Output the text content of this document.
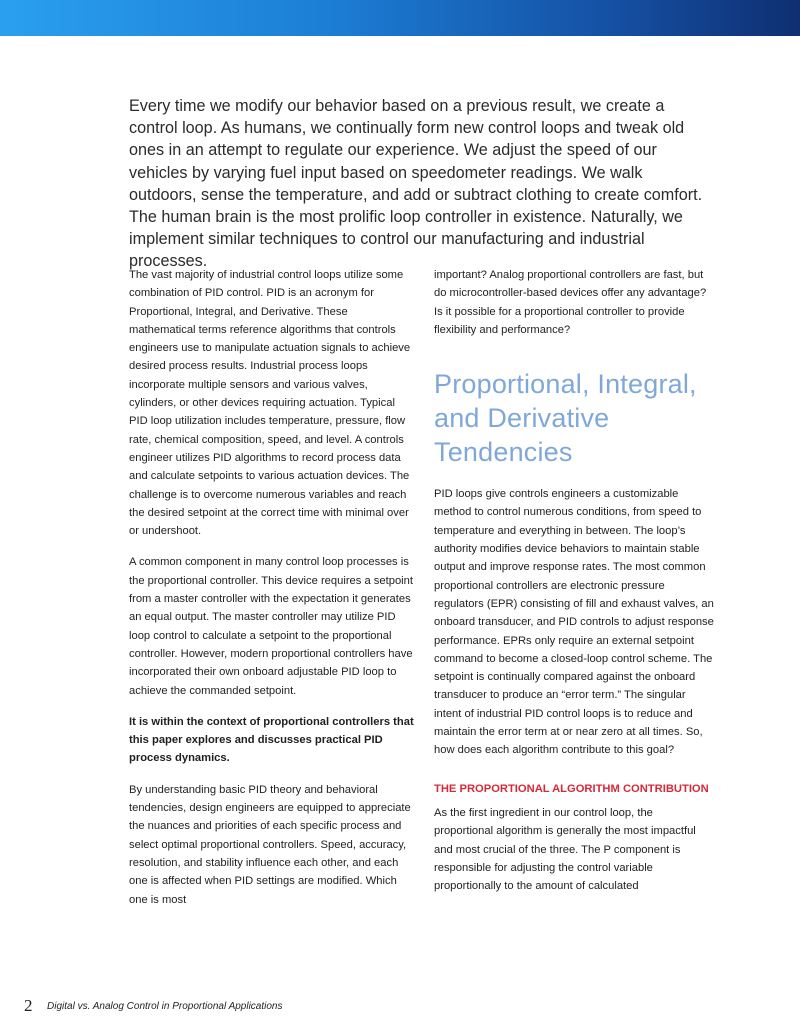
Every time we modify our behavior based on a previous result, we create a control loop. As humans, we continually form new control loops and tweak old ones in an attempt to regulate our experience. We adjust the speed of our vehicles by varying fuel input based on speedometer readings. We walk outdoors, sense the temperature, and add or subtract clothing to create comfort. The human brain is the most prolific loop controller in existence. Naturally, we implement similar techniques to control our manufacturing and industrial processes.

The vast majority of industrial control loops utilize some combination of PID control. PID is an acronym for Proportional, Integral, and Derivative. These mathematical terms reference algorithms that controls engineers use to manipulate actuation signals to achieve desired process results. Industrial process loops incorporate multiple sensors and various valves, cylinders, or other devices requiring actuation. Typical PID loop utilization includes temperature, pressure, flow rate, chemical composition, speed, and level. A controls engineer utilizes PID algorithms to record process data and calculate setpoints to various actuation devices. The challenge is to overcome numerous variables and reach the desired setpoint at the correct time with minimal over or undershoot.

A common component in many control loop processes is the proportional controller. This device requires a setpoint from a master controller with the expectation it generates an equal output. The master controller may utilize PID loop control to calculate a setpoint to the proportional controller. However, modern proportional controllers have incorporated their own onboard adjustable PID loop to achieve the commanded setpoint.

It is within the context of proportional controllers that this paper explores and discusses practical PID process dynamics.

By understanding basic PID theory and behavioral tendencies, design engineers are equipped to appreciate the nuances and priorities of each specific process and select optimal proportional controllers. Speed, accuracy, resolution, and stability influence each other, and each one is affected when PID settings are modified. Which one is most

important? Analog proportional controllers are fast, but do microcontroller-based devices offer any advantage? Is it possible for a proportional controller to provide flexibility and performance?

Proportional, Integral, and Derivative Tendencies

PID loops give controls engineers a customizable method to control numerous conditions, from speed to temperature and everything in between. The loop’s authority modifies device behaviors to maintain stable output and improve response rates. The most common proportional controllers are electronic pressure regulators (EPR) consisting of fill and exhaust valves, an onboard transducer, and PID controls to adjust response performance. EPRs only require an external setpoint command to become a closed-loop control scheme. The setpoint is continually compared against the onboard transducer to produce an “error term.” The singular intent of industrial PID control loops is to reduce and maintain the error term at or near zero at all times. So, how does each algorithm contribute to this goal?

THE PROPORTIONAL ALGORITHM CONTRIBUTION

As the first ingredient in our control loop, the proportional algorithm is generally the most impactful and most crucial of the three. The P component is responsible for adjusting the control variable proportionally to the amount of calculated

2 Digital vs. Analog Control in Proportional Applications
